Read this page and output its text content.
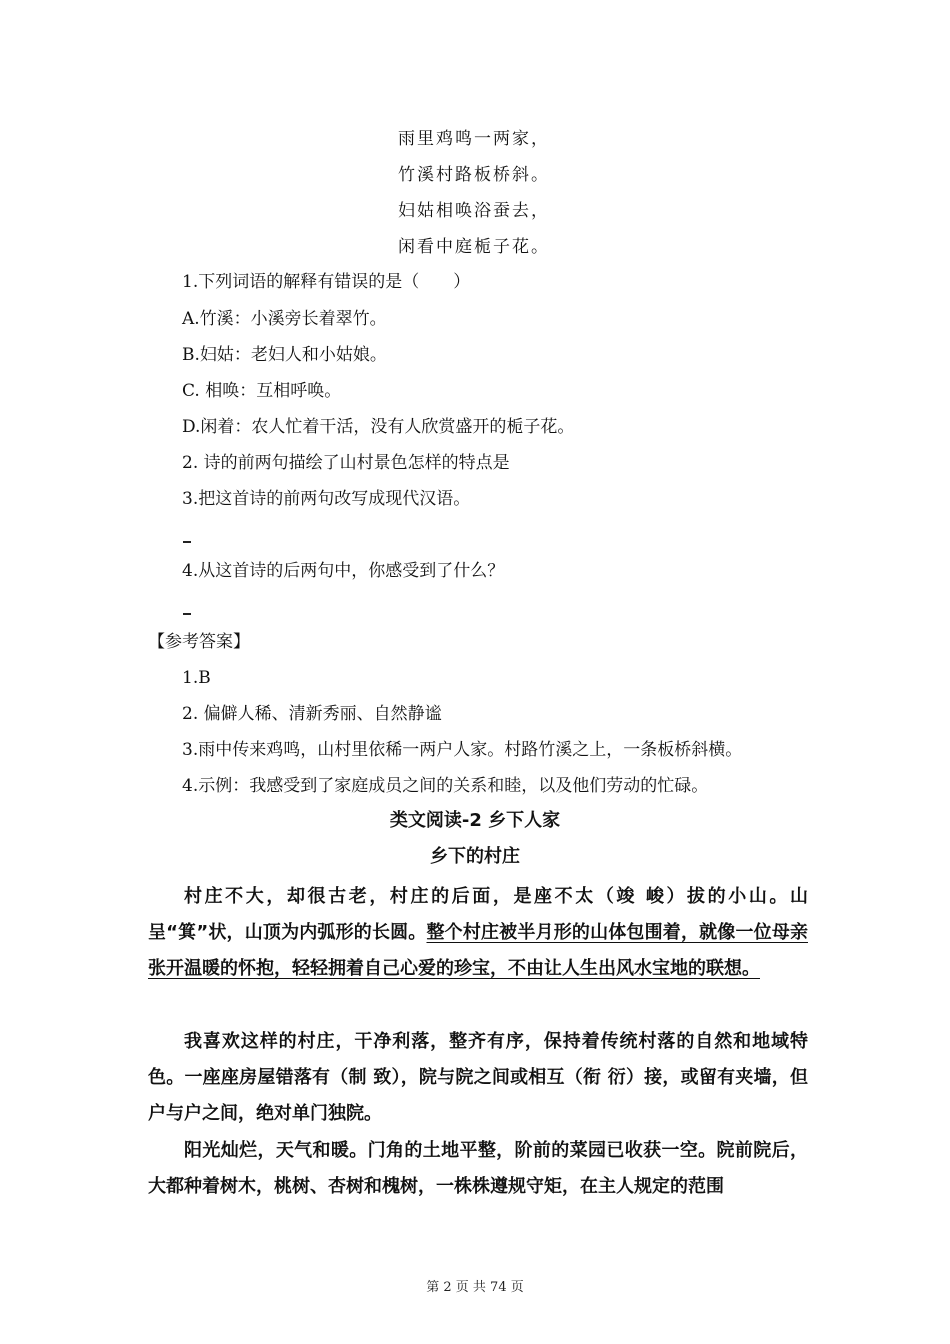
雨里鸡鸣一两家，
竹溪村路板桥斜。
妇姑相唤浴蚕去，
闲看中庭栀子花。
1.下列词语的解释有错误的是（　　）
A.竹溪：小溪旁长着翠竹。
B.妇姑：老妇人和小姑娘。
C. 相唤：互相呼唤。
D.闲着：农人忙着干活，没有人欣赏盛开的栀子花。
2. 诗的前两句描绘了山村景色怎样的特点是
3.把这首诗的前两句改写成现代汉语。
4.从这首诗的后两句中，你感受到了什么？
【参考答案】
1.B
2. 偏僻人稀、清新秀丽、自然静谧
3.雨中传来鸡鸣，山村里依稀一两户人家。村路竹溪之上，一条板桥斜横。
4.示例：我感受到了家庭成员之间的关系和睦，以及他们劳动的忙碌。
类文阅读-2 乡下人家
乡下的村庄
村庄不大，却很古老，村庄的后面，是座不太（竣 峻）拔的小山。山呈“箕”状，山顶为内弧形的长圆。整个村庄被半月形的山体包围着，就像一位母亲张开温暖的怀抱，轻轻拥着自己心爱的珍宝，不由让人生出风水宝地的联想。
我喜欢这样的村庄，干净利落，整齐有序，保持着传统村落的自然和地域特色。一座座房屋错落有（制 致），院与院之间或相互（衔 衍）接，或留有夹墙，但户与户之间，绝对单门独院。
阳光灿烂，天气和暖。门角的土地平整，阶前的菜园已收获一空。院前院后，大都种着树木，桃树、杏树和槐树，一株株遵规守矩，在主人规定的范围
第 2 页 共 74 页
